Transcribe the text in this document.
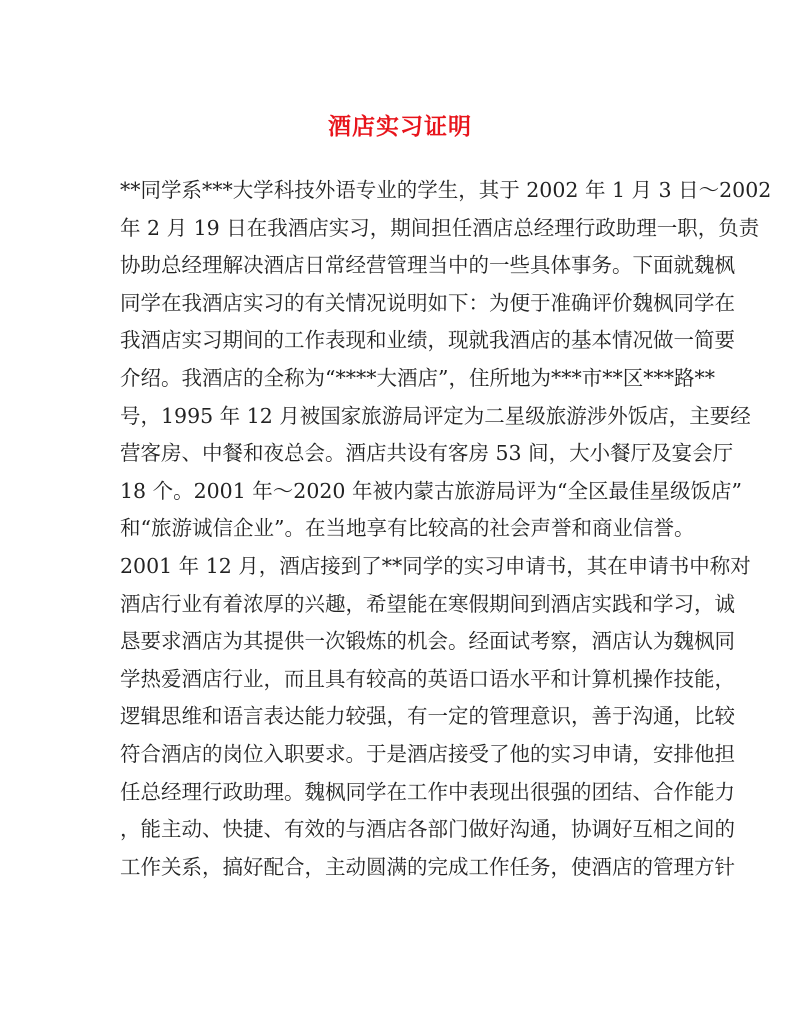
酒店实习证明
**同学系***大学科技外语专业的学生，其于 2002 年 1 月 3 日～2002
年 2 月 19 日在我酒店实习，期间担任酒店总经理行政助理一职，负责
协助总经理解决酒店日常经营管理当中的一些具体事务。下面就魏枫
同学在我酒店实习的有关情况说明如下：为便于准确评价魏枫同学在
我酒店实习期间的工作表现和业绩，现就我酒店的基本情况做一简要
介绍。我酒店的全称为“****大酒店”，住所地为***市**区***路**
号，1995 年 12 月被国家旅游局评定为二星级旅游涉外饭店，主要经
营客房、中餐和夜总会。酒店共设有客房 53 间，大小餐厅及宴会厅
18 个。2001 年～2020 年被内蒙古旅游局评为“全区最佳星级饭店”
和“旅游诚信企业”。在当地享有比较高的社会声誉和商业信誉。
2001 年 12 月，酒店接到了**同学的实习申请书，其在申请书中称对
酒店行业有着浓厚的兴趣，希望能在寒假期间到酒店实践和学习，诚
恳要求酒店为其提供一次锻炼的机会。经面试考察，酒店认为魏枫同
学热爱酒店行业，而且具有较高的英语口语水平和计算机操作技能，
逻辑思维和语言表达能力较强，有一定的管理意识，善于沟通，比较
符合酒店的岗位入职要求。于是酒店接受了他的实习申请，安排他担
任总经理行政助理。魏枫同学在工作中表现出很强的团结、合作能力
，能主动、快捷、有效的与酒店各部门做好沟通，协调好互相之间的
工作关系，搞好配合，主动圆满的完成工作任务，使酒店的管理方针
